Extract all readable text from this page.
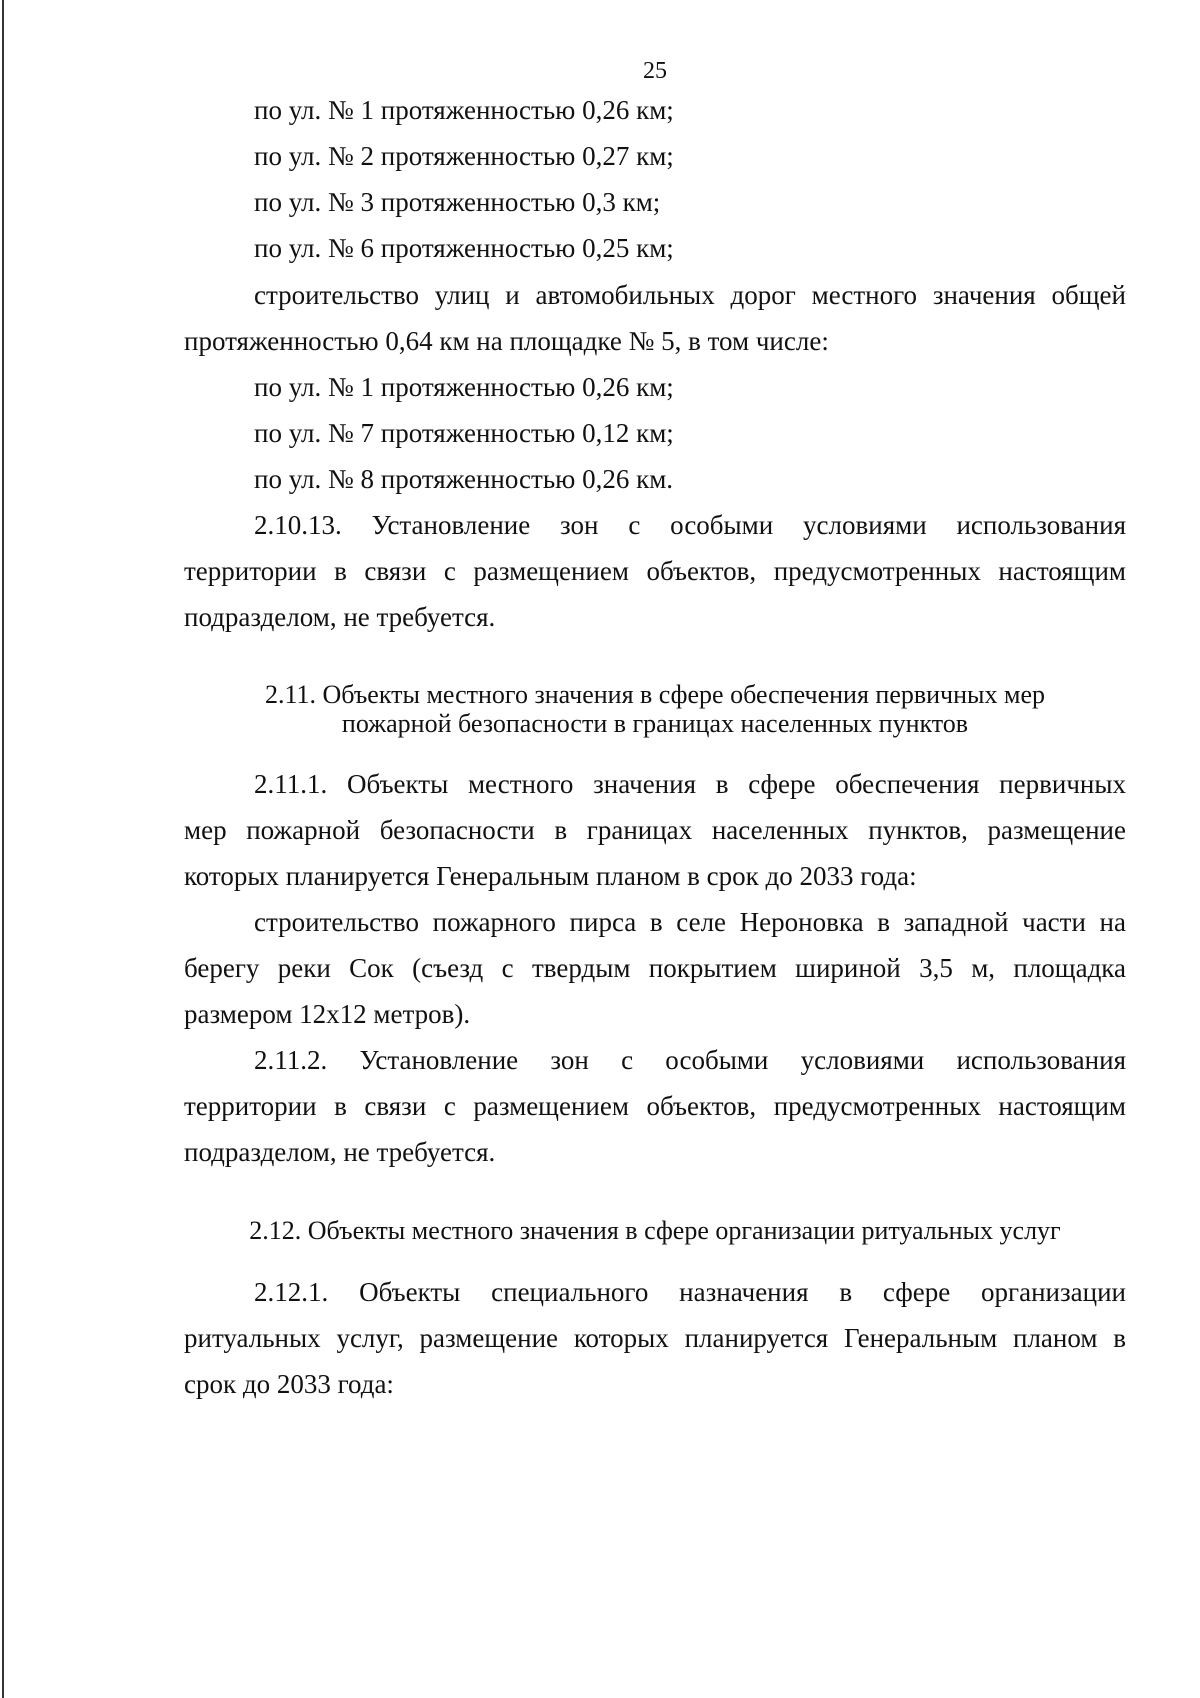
25
по ул. № 1 протяженностью 0,26 км;
по ул. № 2 протяженностью 0,27 км;
по ул. № 3 протяженностью 0,3 км;
по ул. № 6 протяженностью 0,25 км;
строительство улиц и автомобильных дорог местного значения общей
протяженностью 0,64 км на площадке № 5, в том числе:
по ул. № 1 протяженностью 0,26 км;
по ул. № 7 протяженностью 0,12 км;
по ул. № 8 протяженностью 0,26 км.
2.10.13. Установление зон с особыми условиями использования
территории в связи с размещением объектов, предусмотренных настоящим
подразделом, не требуется.
2.11. Объекты местного значения в сфере обеспечения первичных мер
пожарной безопасности в границах населенных пунктов
2.11.1. Объекты местного значения в сфере обеспечения первичных
мер пожарной безопасности в границах населенных пунктов, размещение
которых планируется Генеральным планом в срок до 2033 года:
строительство пожарного пирса в селе Нероновка в западной части на
берегу реки Сок (съезд с твердым покрытием шириной 3,5 м, площадка
размером 12х12 метров).
2.11.2. Установление зон с особыми условиями использования
территории в связи с размещением объектов, предусмотренных настоящим
подразделом, не требуется.
2.12. Объекты местного значения в сфере организации ритуальных услуг
2.12.1. Объекты специального назначения в сфере организации
ритуальных услуг, размещение которых планируется Генеральным планом в
срок до 2033 года:
